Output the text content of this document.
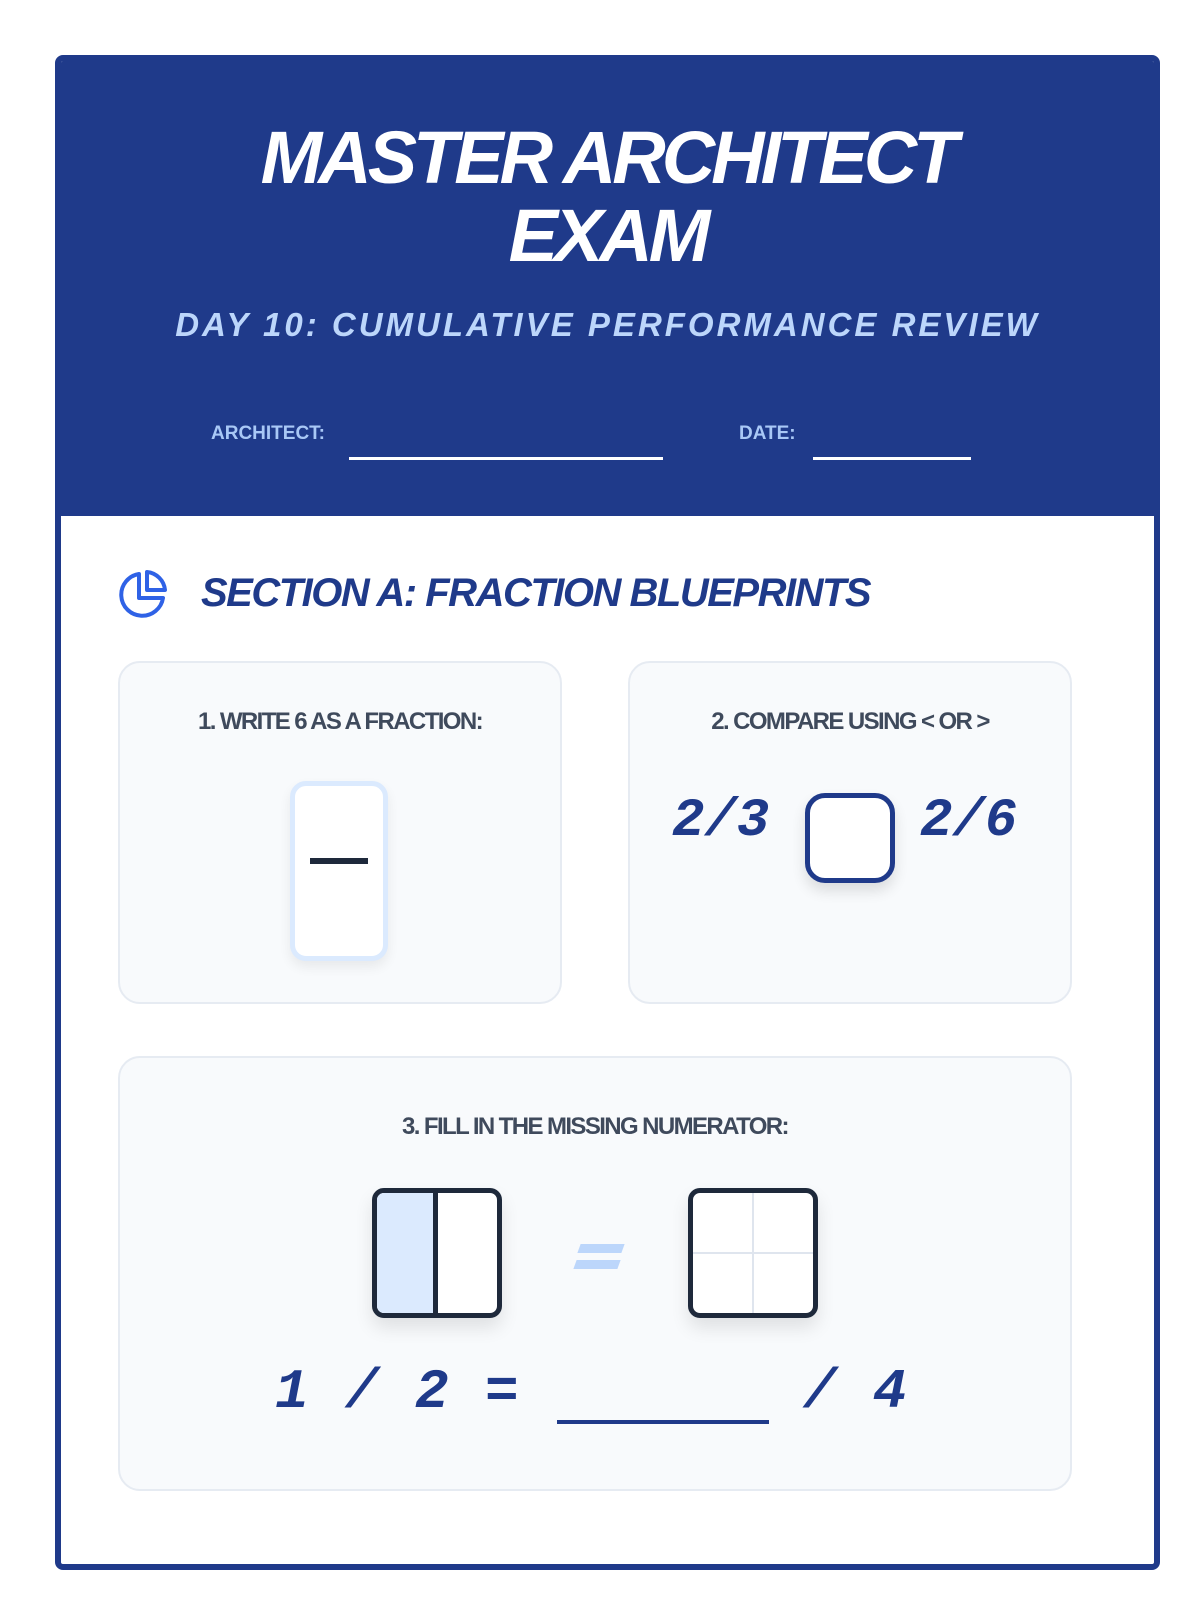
MASTER ARCHITECT
EXAM
DAY 10: CUMULATIVE PERFORMANCE REVIEW
ARCHITECT:	DATE:
SECTION A: FRACTION BLUEPRINTS
1. WRITE 6 AS A FRACTION:	2. COMPARE USING < OR >
2/3	2/6
3. FILL IN THE MISSING NUMERATOR:
1 / 2 =	/ 4
